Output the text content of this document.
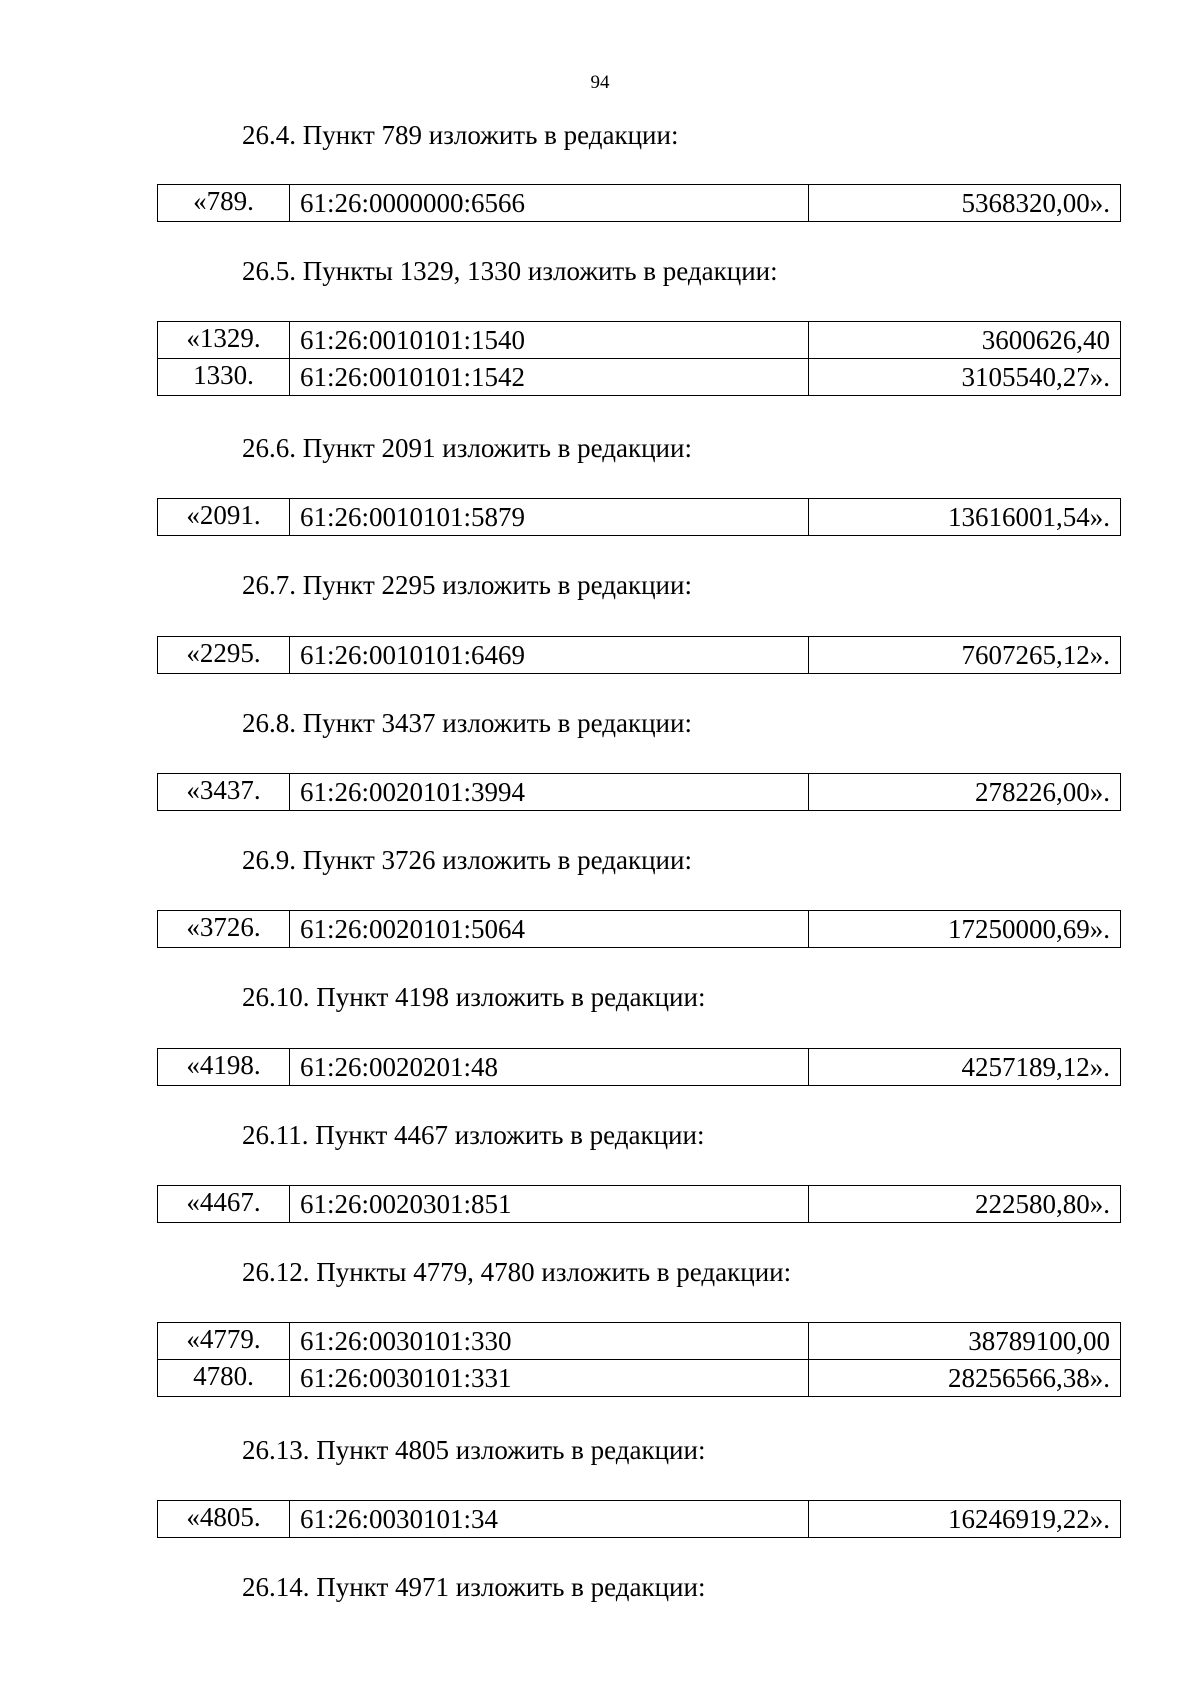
94
26.4. Пункт 789 изложить в редакции:
«789.	61:26:0000000:6566	5368320,00».
26.5. Пункты 1329, 1330 изложить в редакции:
«1329.	61:26:0010101:1540	3600626,40
1330.	61:26:0010101:1542	3105540,27».
26.6. Пункт 2091 изложить в редакции:
«2091.	61:26:0010101:5879	13616001,54».
26.7. Пункт 2295 изложить в редакции:
«2295.	61:26:0010101:6469	7607265,12».
26.8. Пункт 3437 изложить в редакции:
«3437.	61:26:0020101:3994	278226,00».
26.9. Пункт 3726 изложить в редакции:
«3726.	61:26:0020101:5064	17250000,69».
26.10. Пункт 4198 изложить в редакции:
«4198.	61:26:0020201:48	4257189,12».
26.11. Пункт 4467 изложить в редакции:
«4467.	61:26:0020301:851	222580,80».
26.12. Пункты 4779, 4780 изложить в редакции:
«4779.	61:26:0030101:330	38789100,00
4780.	61:26:0030101:331	28256566,38».
26.13. Пункт 4805 изложить в редакции:
«4805.	61:26:0030101:34	16246919,22».
26.14. Пункт 4971 изложить в редакции:
